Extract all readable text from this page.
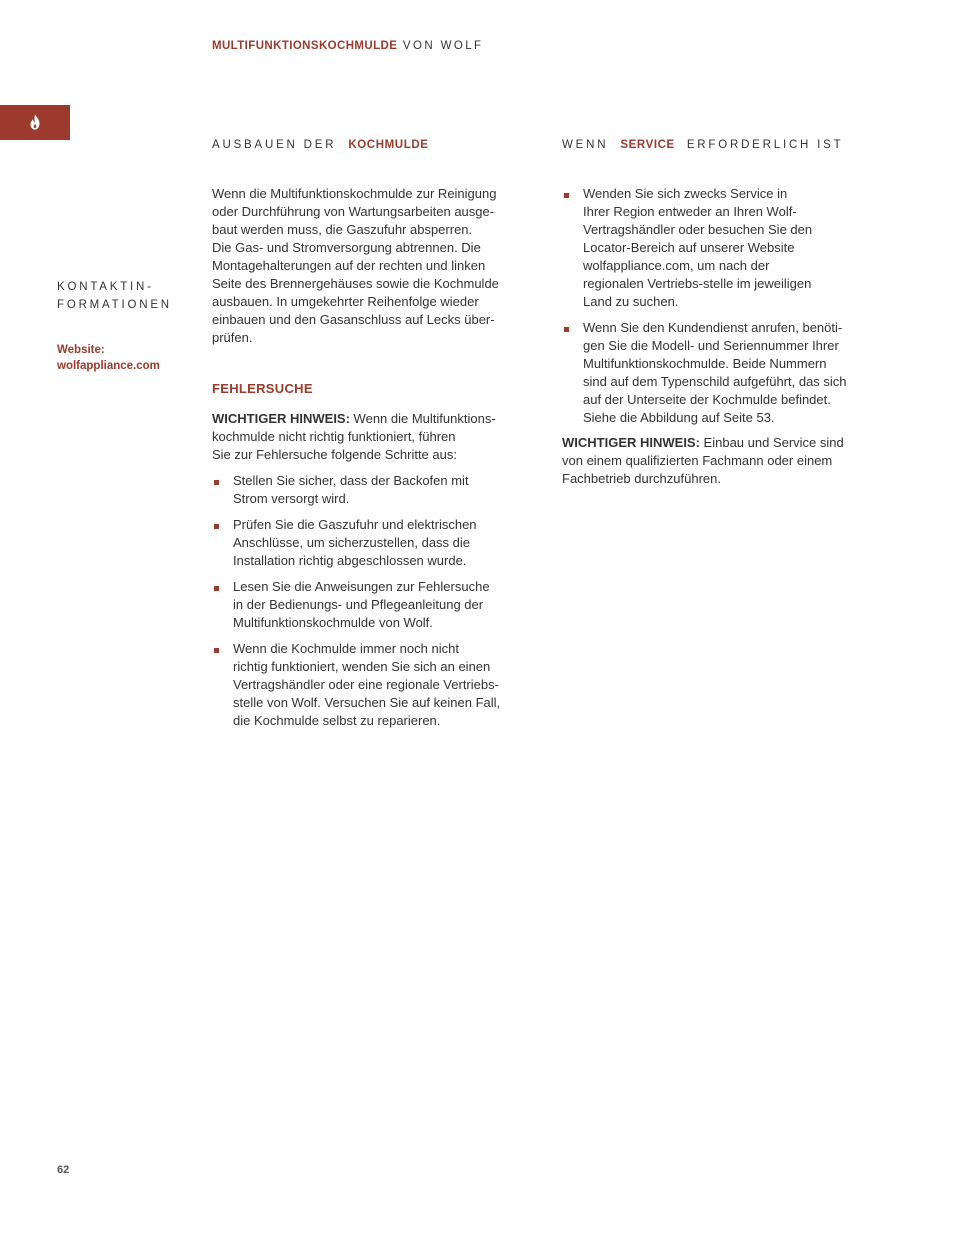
MULTIFUNKTIONSKOCHMULDE VON WOLF
KONTAKTIN-
FORMATIONEN
Website:
wolfappliance.com
AUSBAUEN DER KOCHMULDE
Wenn die Multifunktionskochmulde zur Reinigung
oder Durchführung von Wartungsarbeiten ausge-
baut werden muss, die Gaszufuhr absperren.
Die Gas- und Stromversorgung abtrennen. Die
Montagehalterungen auf der rechten und linken
Seite des Brennergehäuses sowie die Kochmulde
ausbauen. In umgekehrter Reihenfolge wieder
einbauen und den Gasanschluss auf Lecks über-
prüfen.
FEHLERSUCHE
WICHTIGER HINWEIS: Wenn die Multifunktions-
kochmulde nicht richtig funktioniert, führen
Sie zur Fehlersuche folgende Schritte aus:
Stellen Sie sicher, dass der Backofen mit
Strom versorgt wird.
Prüfen Sie die Gaszufuhr und elektrischen
Anschlüsse, um sicherzustellen, dass die
Installation richtig abgeschlossen wurde.
Lesen Sie die Anweisungen zur Fehlersuche
in der Bedienungs- und Pflegeanleitung der
Multifunktionskochmulde von Wolf.
Wenn die Kochmulde immer noch nicht
richtig funktioniert, wenden Sie sich an einen
Vertragshändler oder eine regionale Vertriebs-
stelle von Wolf. Versuchen Sie auf keinen Fall,
die Kochmulde selbst zu reparieren.
WENN SERVICE ERFORDERLICH IST
Wenden Sie sich zwecks Service in
Ihrer Region entweder an Ihren Wolf-
Vertragshändler oder besuchen Sie den
Locator-Bereich auf unserer Website
wolfappliance.com, um nach der
regionalen Vertriebs-stelle im jeweiligen
Land zu suchen.
Wenn Sie den Kundendienst anrufen, benöti-
gen Sie die Modell- und Seriennummer Ihrer
Multifunktionskochmulde. Beide Nummern
sind auf dem Typenschild aufgeführt, das sich
auf der Unterseite der Kochmulde befindet.
Siehe die Abbildung auf Seite 53.
WICHTIGER HINWEIS: Einbau und Service sind
von einem qualifizierten Fachmann oder einem
Fachbetrieb durchzuführen.
62
